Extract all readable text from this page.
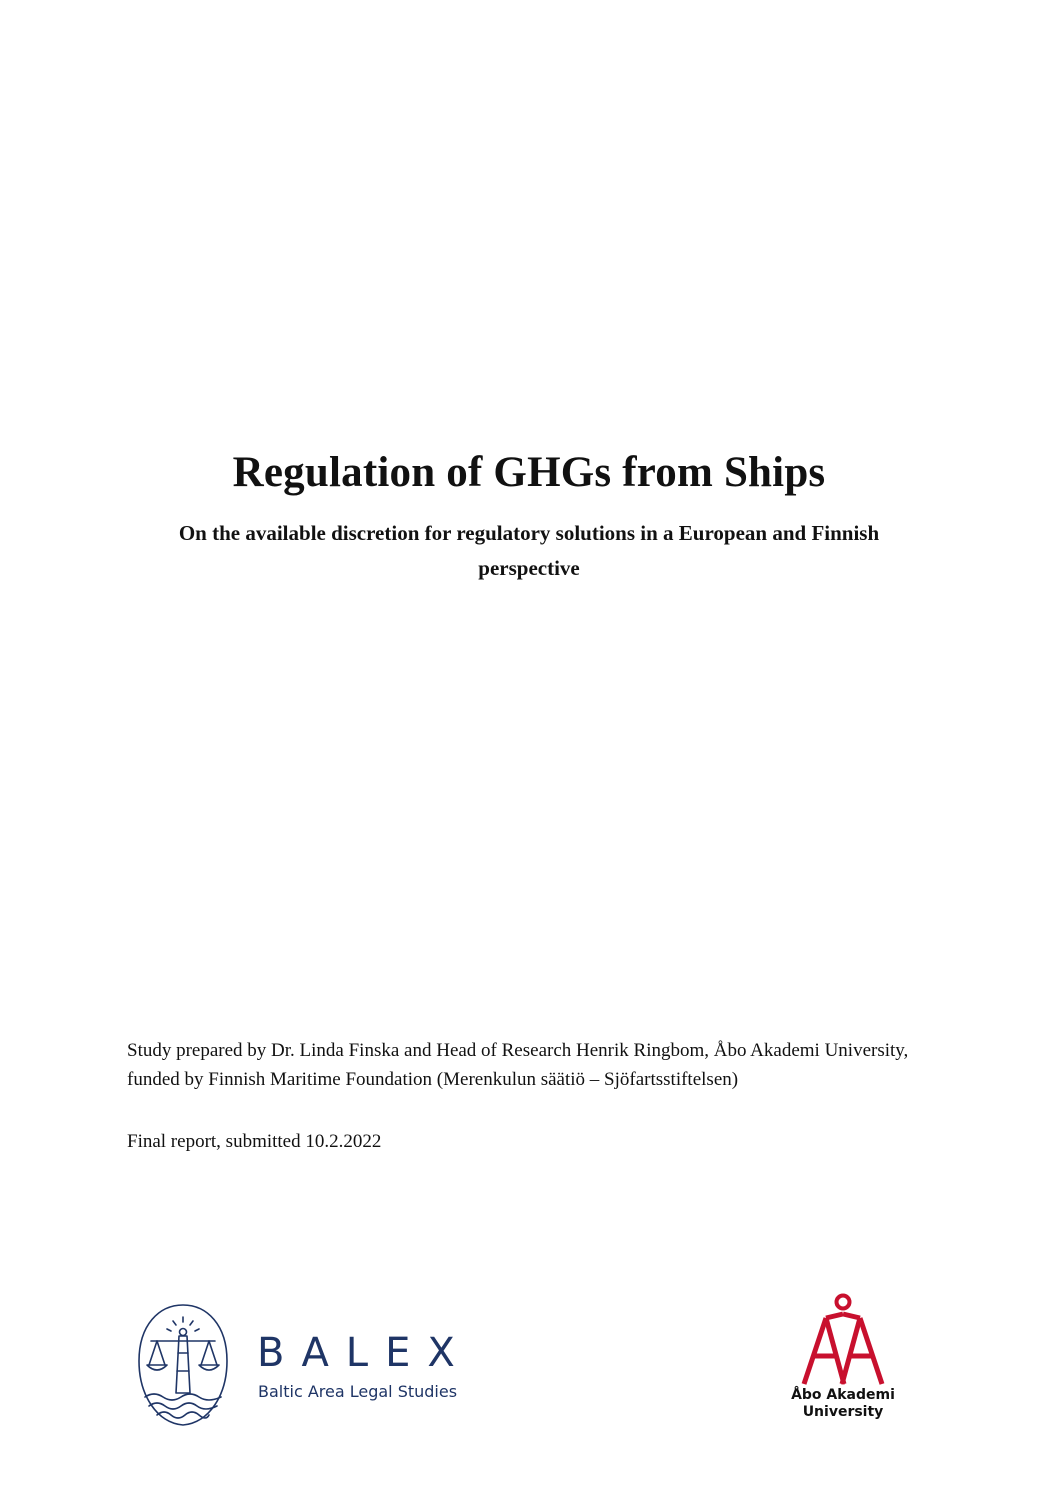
Regulation of GHGs from Ships

On the available discretion for regulatory solutions in a European and Finnish perspective

Study prepared by Dr. Linda Finska and Head of Research Henrik Ringbom, Åbo Akademi University, funded by Finnish Maritime Foundation (Merenkulun säätiö – Sjöfartsstiftelsen)

Final report, submitted 10.2.2022

BALEX
Baltic Area Legal Studies	Åbo Akademi
University
